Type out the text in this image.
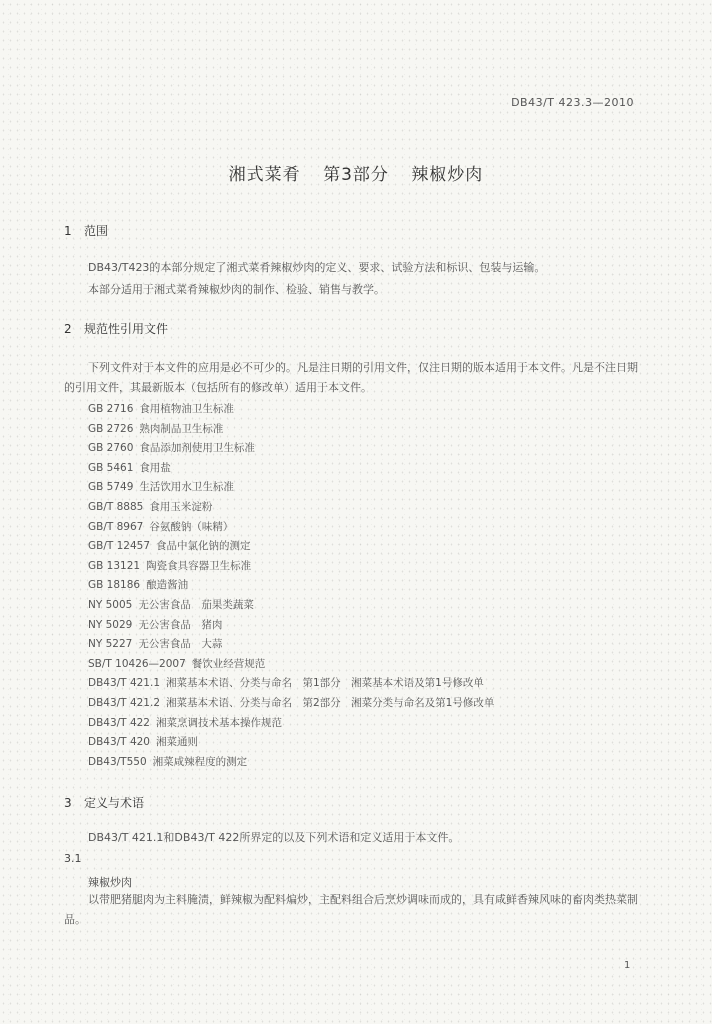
DB43/T 423.3—2010
湘式菜肴 第3部分 辣椒炒肉
1 范围
DB43/T423的本部分规定了湘式菜肴辣椒炒肉的定义、要求、试验方法和标识、包装与运输。
本部分适用于湘式菜肴辣椒炒肉的制作、检验、销售与教学。
2 规范性引用文件
下列文件对于本文件的应用是必不可少的。凡是注日期的引用文件，仅注日期的版本适用于本文件。凡是不注日期的引用文件，其最新版本（包括所有的修改单）适用于本文件。
GB 2716 食用植物油卫生标准
GB 2726 熟肉制品卫生标准
GB 2760 食品添加剂使用卫生标准
GB 5461 食用盐
GB 5749 生活饮用水卫生标准
GB/T 8885 食用玉米淀粉
GB/T 8967 谷氨酸钠（味精）
GB/T 12457 食品中氯化钠的测定
GB 13121 陶瓷食具容器卫生标准
GB 18186 酿造酱油
NY 5005 无公害食品　茄果类蔬菜
NY 5029 无公害食品　猪肉
NY 5227 无公害食品　大蒜
SB/T 10426—2007 餐饮业经营规范
DB43/T 421.1 湘菜基本术语、分类与命名　第1部分　湘菜基本术语及第1号修改单
DB43/T 421.2 湘菜基本术语、分类与命名　第2部分　湘菜分类与命名及第1号修改单
DB43/T 422 湘菜烹调技术基本操作规范
DB43/T 420 湘菜通则
DB43/T550 湘菜咸辣程度的测定
3 定义与术语
DB43/T 421.1和DB43/T 422所界定的以及下列术语和定义适用于本文件。
3.1
辣椒炒肉
以带肥猪腿肉为主料腌渍，鲜辣椒为配料煸炒，主配料组合后烹炒调味而成的，具有咸鲜香辣风味的畜肉类热菜制品。
1
